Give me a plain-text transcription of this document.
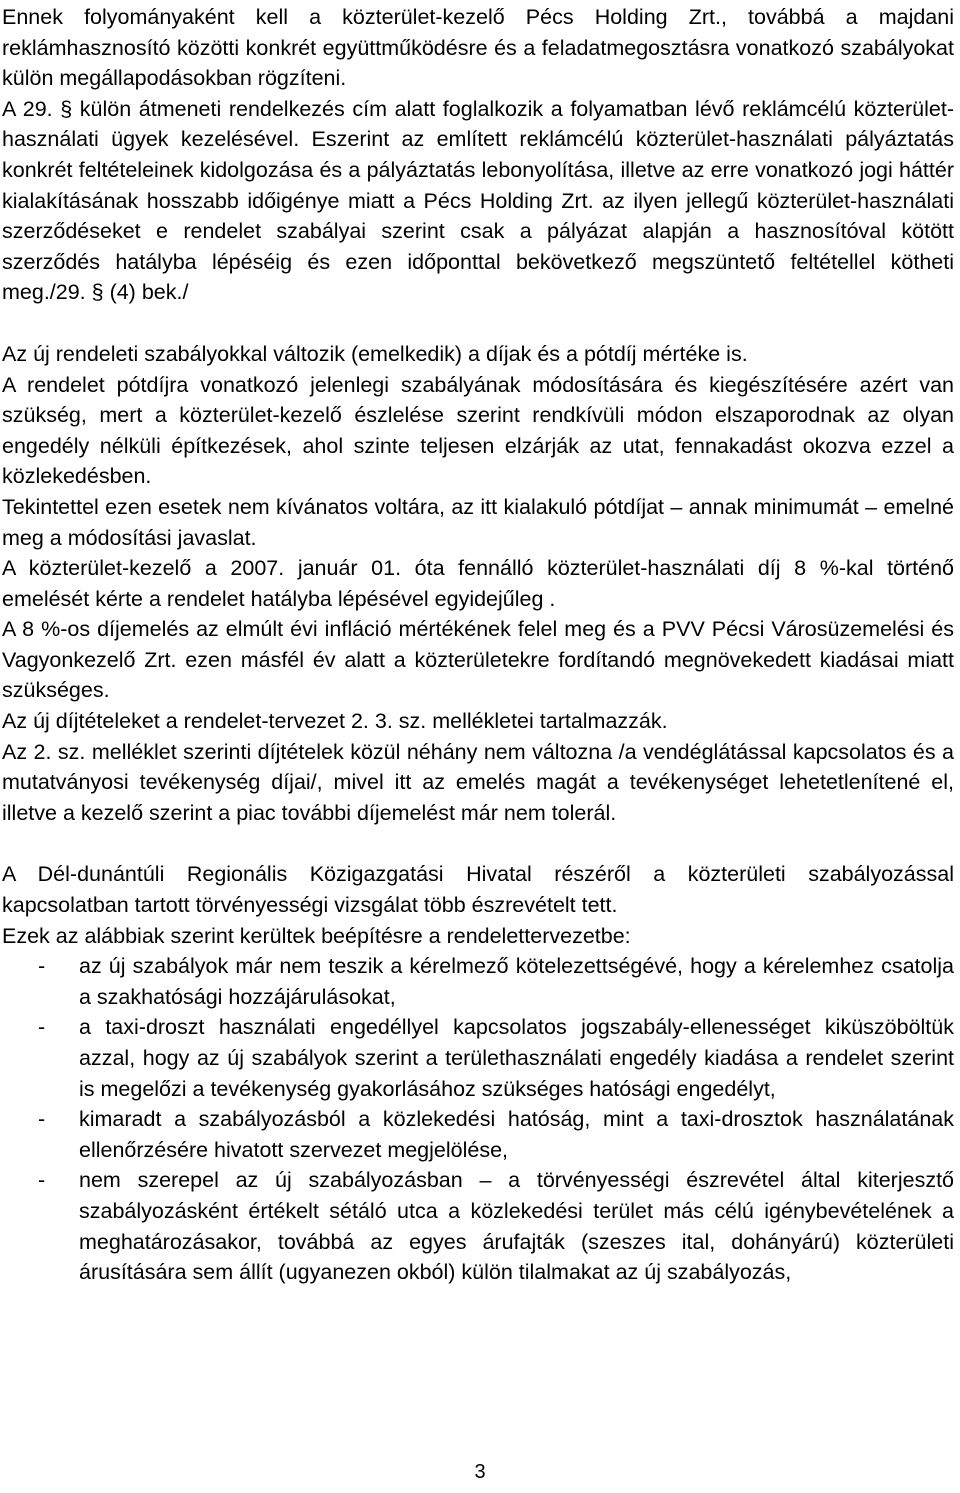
Ennek folyományaként kell a közterület-kezelő Pécs Holding Zrt., továbbá a majdani reklámhasznosító közötti konkrét együttműködésre és a feladatmegosztásra vonatkozó szabályokat külön megállapodásokban rögzíteni.

A 29. § külön átmeneti rendelkezés cím alatt foglalkozik a folyamatban lévő reklámcélú közterület-használati ügyek kezelésével. Eszerint az említett reklámcélú közterület-használati pályáztatás konkrét feltételeinek kidolgozása és a pályáztatás lebonyolítása, illetve az erre vonatkozó jogi háttér kialakításának hosszabb időigénye miatt a Pécs Holding Zrt. az ilyen jellegű közterület-használati szerződéseket e rendelet szabályai szerint csak a pályázat alapján a hasznosítóval kötött szerződés hatályba lépéséig és ezen időponttal bekövetkező megszüntető feltétellel kötheti meg./29. § (4) bek./

Az új rendeleti szabályokkal változik (emelkedik) a díjak és a pótdíj mértéke is.

A rendelet pótdíjra vonatkozó jelenlegi szabályának módosítására és kiegészítésére azért van szükség, mert a közterület-kezelő észlelése szerint rendkívüli módon elszaporodnak az olyan engedély nélküli építkezések, ahol szinte teljesen elzárják az utat, fennakadást okozva ezzel a közlekedésben.

Tekintettel ezen esetek nem kívánatos voltára, az itt kialakuló pótdíjat – annak minimumát – emelné meg a módosítási javaslat.

A közterület-kezelő a 2007. január 01. óta fennálló közterület-használati díj 8 %-kal történő emelését kérte a rendelet hatályba lépésével egyidejűleg .

A 8 %-os díjemelés az elmúlt évi infláció mértékének felel meg és a PVV Pécsi Városüzemelési és Vagyonkezelő Zrt. ezen másfél év alatt a közterületekre fordítandó megnövekedett kiadásai miatt szükséges.

Az új díjtételeket a rendelet-tervezet 2. 3. sz. mellékletei tartalmazzák.

Az 2. sz. melléklet szerinti díjtételek közül néhány nem változna /a vendéglátással kapcsolatos és a mutatványosi tevékenység díjai/, mivel itt az emelés magát a tevékenységet lehetetlenítené el, illetve a kezelő szerint a piac további díjemelést már nem tolerál.

A Dél-dunántúli Regionális Közigazgatási Hivatal részéről a közterületi szabályozással kapcsolatban tartott törvényességi vizsgálat több észrevételt tett.

Ezek az alábbiak szerint kerültek beépítésre a rendelettervezetbe:

- az új szabályok már nem teszik a kérelmező kötelezettségévé, hogy a kérelemhez csatolja a szakhatósági hozzájárulásokat,
- a taxi-droszt használati engedéllyel kapcsolatos jogszabály-ellenességet kiküszöböltük azzal, hogy az új szabályok szerint a területhasználati engedély kiadása a rendelet szerint is megelőzi a tevékenység gyakorlásához szükséges hatósági engedélyt,
- kimaradt a szabályozásból a közlekedési hatóság, mint a taxi-drosztok használatának ellenőrzésére hivatott szervezet megjelölése,
- nem szerepel az új szabályozásban – a törvényességi észrevétel által kiterjesztő szabályozásként értékelt sétáló utca a közlekedési terület más célú igénybevételének a meghatározásakor, továbbá az egyes árufajták (szeszes ital, dohányárú) közterületi árusítására sem állít (ugyanezen okból) külön tilalmakat az új szabályozás,
3
